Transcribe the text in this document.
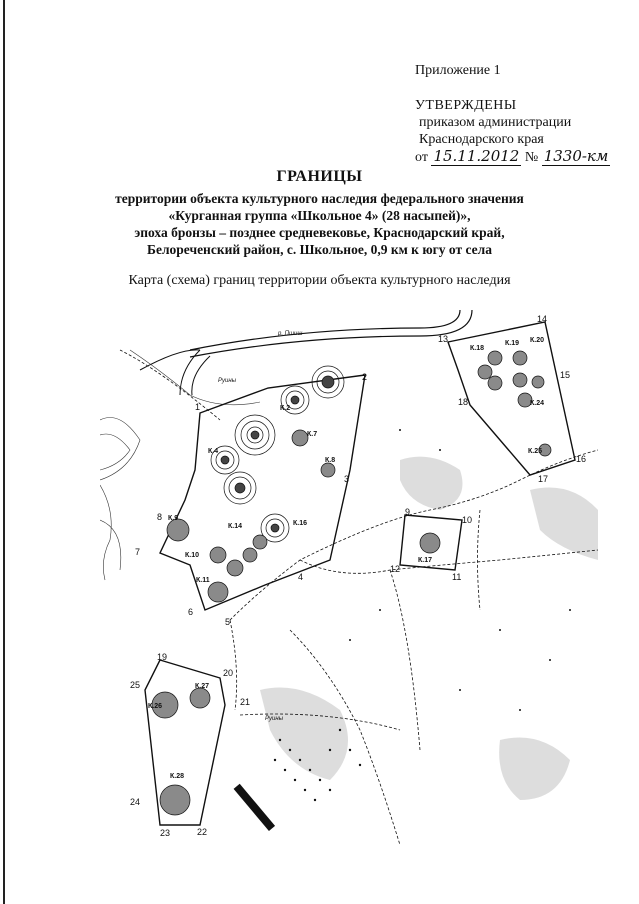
Приложение 1
УТВЕРЖДЕНЫ
приказом администрации
Краснодарского края
от 15.11.2012 № 1330-км
ГРАНИЦЫ
территории объекта культурного наследия федерального значения
«Курганная группа «Школьное 4» (28 насыпей)»,
эпоха бронзы – позднее средневековье, Краснодарский край,
Белореченский район, с. Школьное, 0,9 км к югу от села
Карта (схема) границ территории объекта культурного наследия
р. Пшиш
К.7
К.8
К.2
К.4
К.9
К.10
К.11
К.14	К.16
К.17
К.18
К.19 К.20
К.24
К.25
К.26
К.27
К.28
1
2
3
4
5
6
7
8	9
10
11
12
13
14
15
16
17
18
19
20
21
22
23
24
25
Руины
Руины
